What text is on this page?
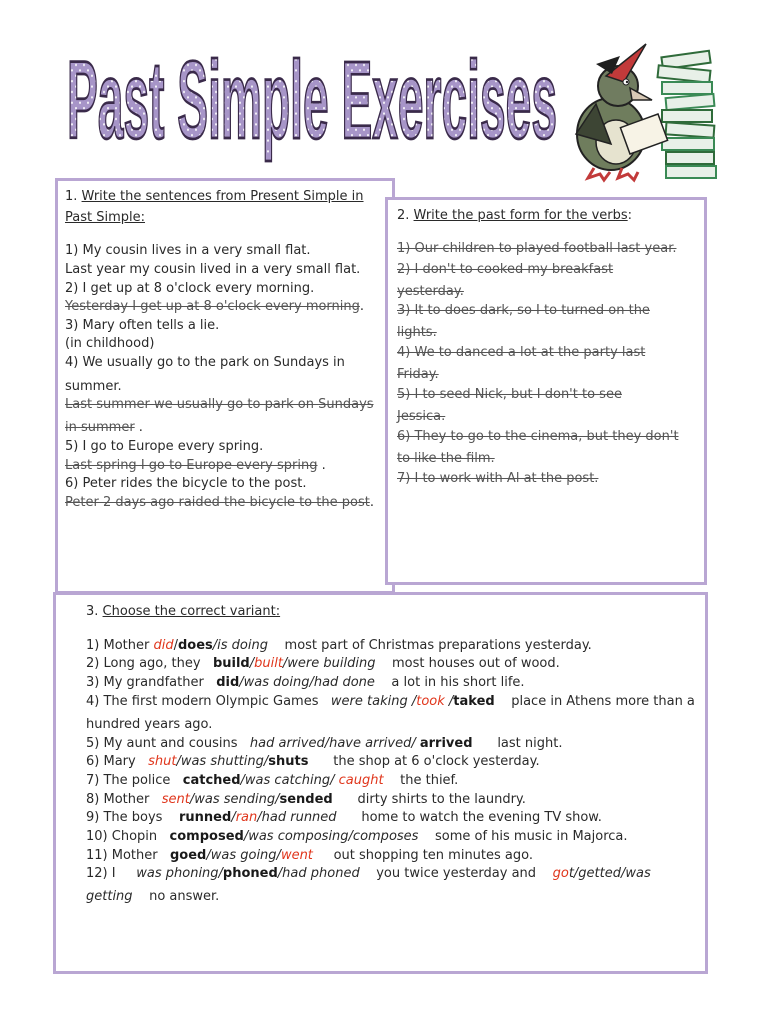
Past Simple Exercises
1. Write the sentences from Present Simple in
Past Simple:
1) My cousin lives in a very small flat.
Last year my cousin lived in a very small flat.
2) I get up at 8 o'clock every morning.
Yesterday I get up at 8 o'clock every morning.
3) Mary often tells a lie.
(in childhood)
4) We usually go to the park on Sundays in
summer.
Last summer we usually go to park on Sundays
in summer .
5) I go to Europe every spring.
Last spring I go to Europe every spring .
6) Peter rides the bicycle to the post.
Peter 2 days ago raided the bicycle to the post.
2. Write the past form for the verbs:
1) Our children to played football last year.
2) I don't to cooked my breakfast
yesterday.
3) It to does dark, so I to turned on the
lights.
4) We to danced a lot at the party last
Friday.
5) I to seed Nick, but I don't to see
Jessica.
6) They to go to the cinema, but they don't
to like the film.
7) I to work with Al at the post.
3. Choose the correct variant:
1) Mother did/does/is doing most part of Christmas preparations yesterday.
2) Long ago, they   build/built/were building most houses out of wood.
3) My grandfather   did/was doing/had done a lot in his short life.
4) The first modern Olympic Games   were taking /took /taked place in Athens more than a
hundred years ago.
5) My aunt and cousins   had arrived/have arrived/ arrived last night.
6) Mary   shut/was shutting/shuts the shop at 6 o'clock yesterday.
7) The police   catched/was catching/ caught the thief.
8) Mother   sent/was sending/sended dirty shirts to the laundry.
9) The boys    runned/ran/had runned home to watch the evening TV show.
10) Chopin   composed/was composing/composes some of his music in Majorca.
11) Mother   goed/was going/went out shopping ten minutes ago.
12) I     was phoning/phoned/had phoned you twice yesterday and    got/getted/was
getting no answer.
